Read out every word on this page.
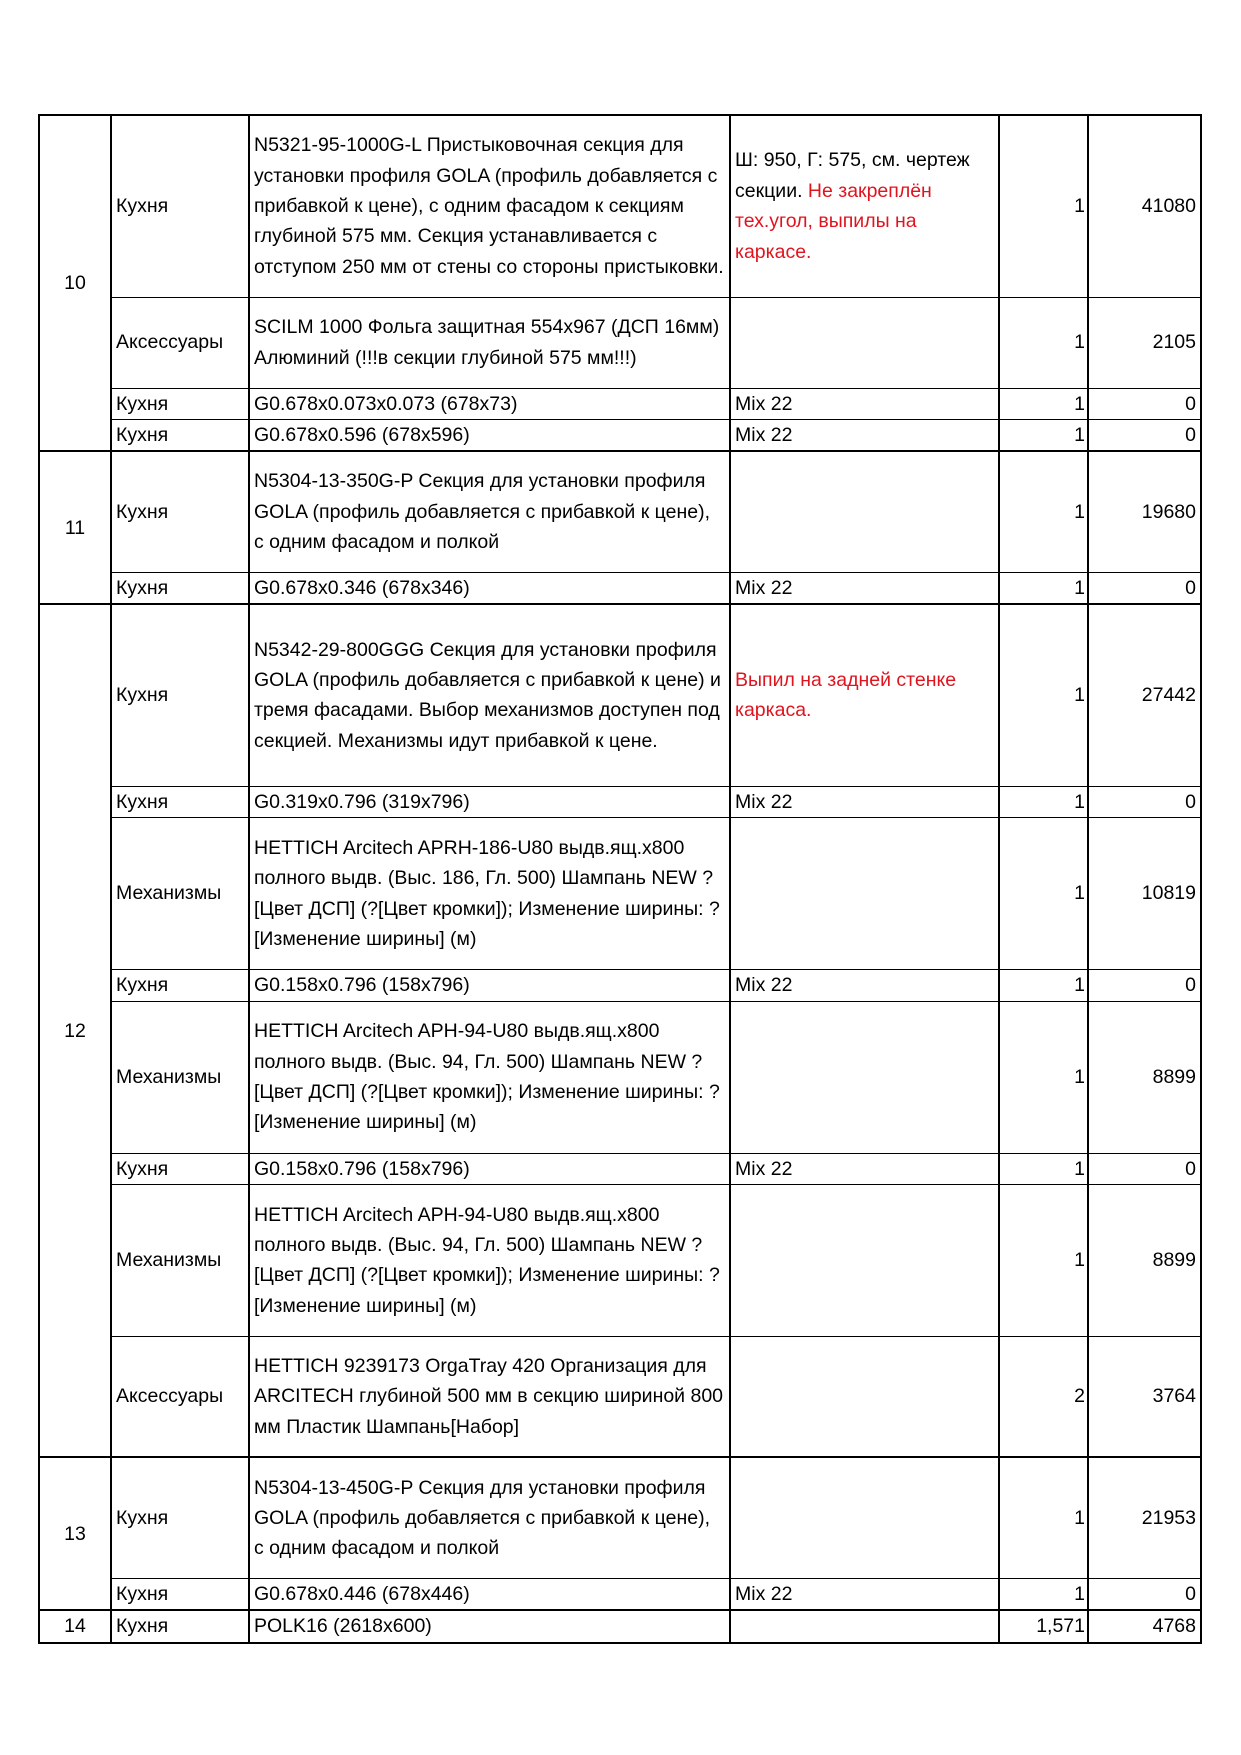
10	Кухня	N5321-95-1000G-L Пристыковочная секция для установки профиля GOLA (профиль добавляется с прибавкой к цене), с одним фасадом к секциям глубиной 575 мм. Секция устанавливается с отступом 250 мм от стены со стороны пристыковки.	Ш: 950, Г: 575, см. чертеж секции. Не закреплён тех.угол, выпилы на каркасе.	1	41080
	Аксессуары	SCILM 1000 Фольга защитная 554х967 (ДСП 16мм) Алюминий (!!!в секции глубиной 575 мм!!!)		1	2105
	Кухня	G0.678x0.073x0.073 (678x73)	Mix 22	1	0
	Кухня	G0.678x0.596 (678x596)	Mix 22	1	0
11	Кухня	N5304-13-350G-P Секция для установки профиля GOLA (профиль добавляется с прибавкой к цене), с одним фасадом и полкой		1	19680
	Кухня	G0.678x0.346 (678x346)	Mix 22	1	0
12	Кухня	N5342-29-800GGG Секция для установки профиля GOLA (профиль добавляется с прибавкой к цене) и тремя фасадами. Выбор механизмов доступен под секцией. Механизмы идут прибавкой к цене.	Выпил на задней стенке каркаса.	1	27442
	Кухня	G0.319x0.796 (319x796)	Mix 22	1	0
	Механизмы	HETTICH Arcitech APRH-186-U80 выдв.ящ.х800 полного выдв. (Выс. 186, Гл. 500) Шампань NEW ?[Цвет ДСП] (?[Цвет кромки]); Изменение ширины: ?[Изменение ширины] (м)		1	10819
	Кухня	G0.158x0.796 (158x796)	Mix 22	1	0
	Механизмы	HETTICH Arcitech APH-94-U80 выдв.ящ.х800 полного выдв. (Выс. 94, Гл. 500) Шампань NEW ?[Цвет ДСП] (?[Цвет кромки]); Изменение ширины: ?[Изменение ширины] (м)		1	8899
	Кухня	G0.158x0.796 (158x796)	Mix 22	1	0
	Механизмы	HETTICH Arcitech APH-94-U80 выдв.ящ.х800 полного выдв. (Выс. 94, Гл. 500) Шампань NEW ?[Цвет ДСП] (?[Цвет кромки]); Изменение ширины: ?[Изменение ширины] (м)		1	8899
	Аксессуары	HETTICH 9239173 OrgaTray 420 Организация для ARCITECH глубиной 500 мм в секцию шириной 800 мм Пластик Шампань[Набор]		2	3764
13	Кухня	N5304-13-450G-P Секция для установки профиля GOLA (профиль добавляется с прибавкой к цене), с одним фасадом и полкой		1	21953
	Кухня	G0.678x0.446 (678x446)	Mix 22	1	0
14	Кухня	POLK16 (2618x600)		1,571	4768
